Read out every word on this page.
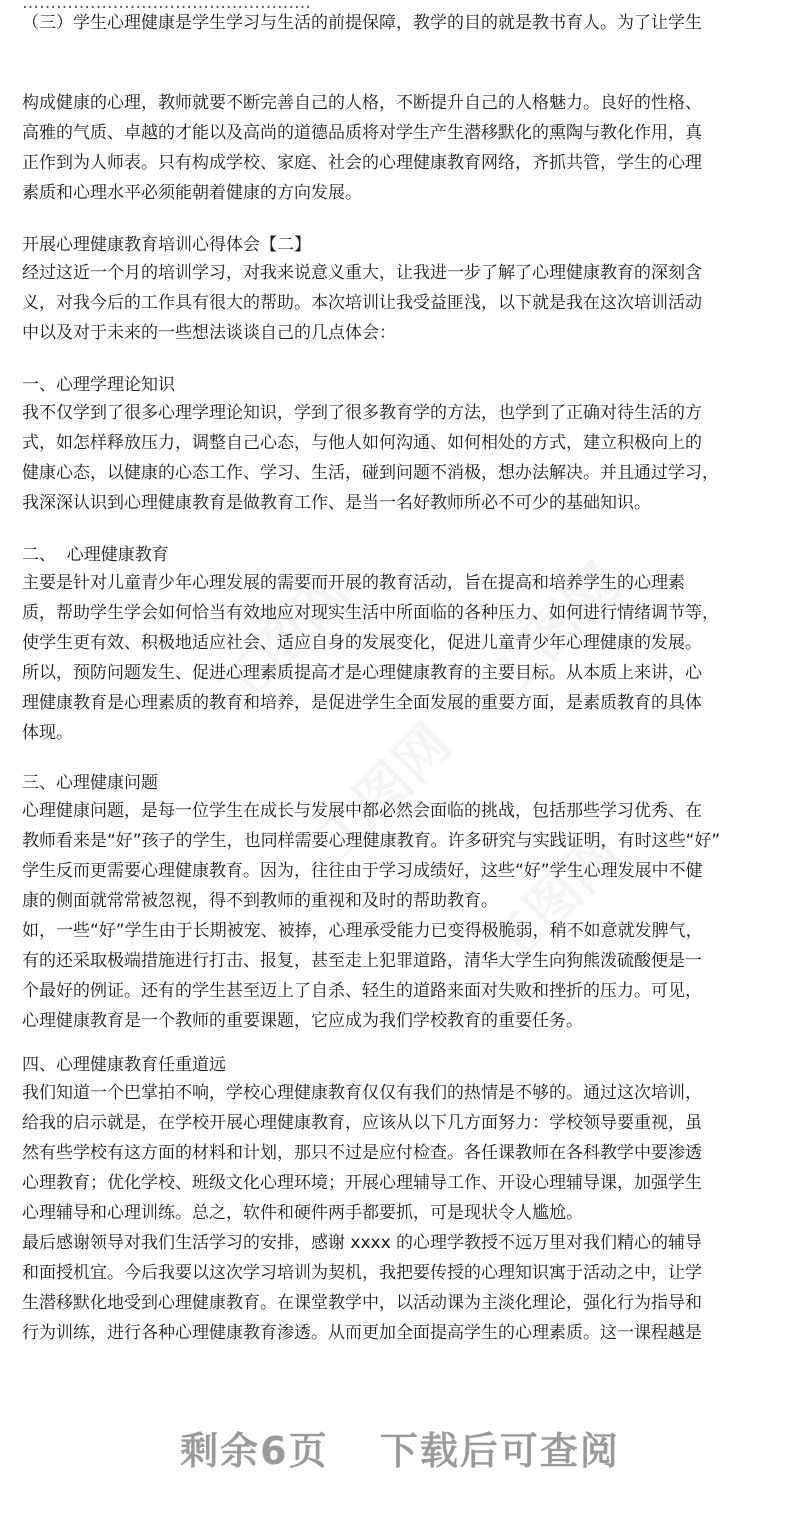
……………………………………………
（三）学生心理健康是学生学习与生活的前提保障，教学的目的就是教书育人。为了让学生
构成健康的心理，教师就要不断完善自己的人格，不断提升自己的人格魅力。良好的性格、
高雅的气质、卓越的才能以及高尚的道德品质将对学生产生潜移默化的熏陶与教化作用，真
正作到为人师表。只有构成学校、家庭、社会的心理健康教育网络，齐抓共管，学生的心理
素质和心理水平必须能朝着健康的方向发展。
开展心理健康教育培训心得体会【二】
经过这近一个月的培训学习，对我来说意义重大，让我进一步了解了心理健康教育的深刻含
义，对我今后的工作具有很大的帮助。本次培训让我受益匪浅，以下就是我在这次培训活动
中以及对于未来的一些想法谈谈自己的几点体会：
一、心理学理论知识
我不仅学到了很多心理学理论知识，学到了很多教育学的方法，也学到了正确对待生活的方
式，如怎样释放压力，调整自己心态，与他人如何沟通、如何相处的方式，建立积极向上的
健康心态，以健康的心态工作、学习、生活，碰到问题不消极，想办法解决。并且通过学习，
我深深认识到心理健康教育是做教育工作、是当一名好教师所必不可少的基础知识。
二、  心理健康教育
主要是针对儿童青少年心理发展的需要而开展的教育活动，旨在提高和培养学生的心理素
质，帮助学生学会如何恰当有效地应对现实生活中所面临的各种压力、如何进行情绪调节等，
使学生更有效、积极地适应社会、适应自身的发展变化，促进儿童青少年心理健康的发展。
所以，预防问题发生、促进心理素质提高才是心理健康教育的主要目标。从本质上来讲，心
理健康教育是心理素质的教育和培养，是促进学生全面发展的重要方面，是素质教育的具体
体现。
三、心理健康问题
心理健康问题，是每一位学生在成长与发展中都必然会面临的挑战，包括那些学习优秀、在
教师看来是“好”孩子的学生，也同样需要心理健康教育。许多研究与实践证明，有时这些“好”
学生反而更需要心理健康教育。因为，往往由于学习成绩好，这些“好”学生心理发展中不健
康的侧面就常常被忽视，得不到教师的重视和及时的帮助教育。
如，一些“好”学生由于长期被宠、被捧，心理承受能力已变得极脆弱，稍不如意就发脾气，
有的还采取极端措施进行打击、报复，甚至走上犯罪道路，清华大学生向狗熊泼硫酸便是一
个最好的例证。还有的学生甚至迈上了自杀、轻生的道路来面对失败和挫折的压力。可见，
心理健康教育是一个教师的重要课题，它应成为我们学校教育的重要任务。
四、心理健康教育任重道远
我们知道一个巴掌拍不响，学校心理健康教育仅仅有我们的热情是不够的。通过这次培训，
给我的启示就是，在学校开展心理健康教育，应该从以下几方面努力：学校领导要重视，虽
然有些学校有这方面的材料和计划，那只不过是应付检查。各任课教师在各科教学中要渗透
心理教育；优化学校、班级文化心理环境；开展心理辅导工作、开设心理辅导课，加强学生
心理辅导和心理训练。总之，软件和硬件两手都要抓，可是现状令人尴尬。
最后感谢领导对我们生活学习的安排，感谢 xxxx 的心理学教授不远万里对我们精心的辅导
和面授机宜。今后我要以这次学习培训为契机，我把要传授的心理知识寓于活动之中，让学
生潜移默化地受到心理健康教育。在课堂教学中，以活动课为主淡化理论，强化行为指导和
行为训练，进行各种心理健康教育渗透。从而更加全面提高学生的心理素质。这一课程越是
剩余6页 下载后可查阅
